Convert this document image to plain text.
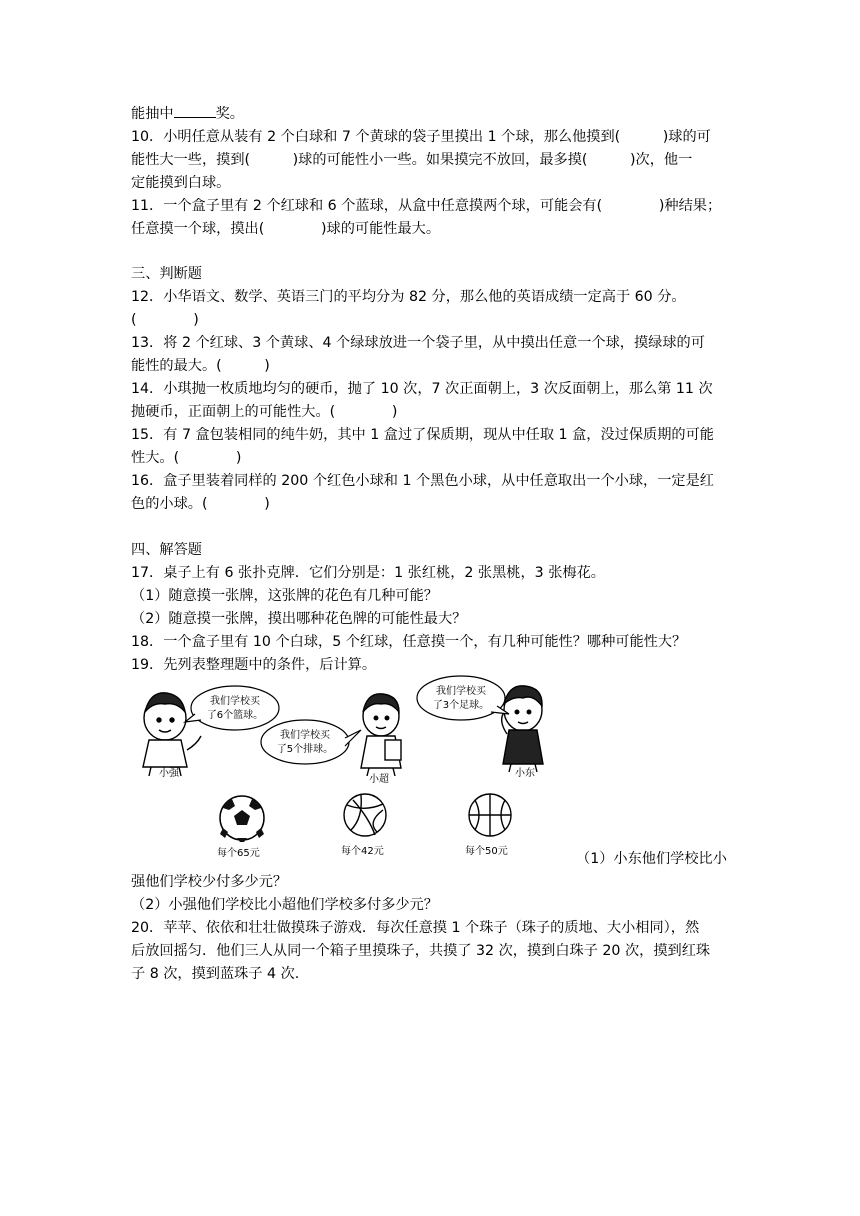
能抽中	奖。
10．小明任意从装有 2 个白球和 7 个黄球的袋子里摸出 1 个球，那么他摸到(　　　)球的可
能性大一些，摸到(　　　)球的可能性小一些。如果摸完不放回，最多摸(　　　)次，他一
定能摸到白球。
11．一个盒子里有 2 个红球和 6 个蓝球，从盒中任意摸两个球，可能会有(　　　　)种结果；
任意摸一个球，摸出(　　　　)球的可能性最大。
三、判断题
12．小华语文、数学、英语三门的平均分为 82 分，那么他的英语成绩一定高于 60 分。
(　　　　)
13．将 2 个红球、3 个黄球、4 个绿球放进一个袋子里，从中摸出任意一个球，摸绿球的可
能性的最大。(　　　)
14．小琪抛一枚质地均匀的硬币，抛了 10 次，7 次正面朝上，3 次反面朝上，那么第 11 次
抛硬币，正面朝上的可能性大。(　　　　)
15．有 7 盒包装相同的纯牛奶，其中 1 盒过了保质期，现从中任取 1 盒，没过保质期的可能
性大。(　　　　)
16．盒子里装着同样的 200 个红色小球和 1 个黑色小球，从中任意取出一个小球，一定是红
色的小球。(　　　　)
四、解答题
17．桌子上有 6 张扑克牌．它们分别是：1 张红桃，2 张黑桃，3 张梅花。
（1）随意摸一张牌，这张牌的花色有几种可能？
（2）随意摸一张牌，摸出哪种花色牌的可能性最大？
18．一个盒子里有 10 个白球，5 个红球，任意摸一个，有几种可能性？哪种可能性大？
19．先列表整理题中的条件，后计算。
我们学校买
了6个篮球。
我们学校买
了5个排球。
我们学校买
了3个足球。
小强
小超
小东
每个65元	每个42元	每个50元	（1）小东他们学校比小
强他们学校少付多少元？
（2）小强他们学校比小超他们学校多付多少元？
20．苹苹、依依和壮壮做摸珠子游戏．每次任意摸 1 个珠子（珠子的质地、大小相同），然
后放回摇匀．他们三人从同一个箱子里摸珠子，共摸了 32 次，摸到白珠子 20 次，摸到红珠
子 8 次，摸到蓝珠子 4 次.
